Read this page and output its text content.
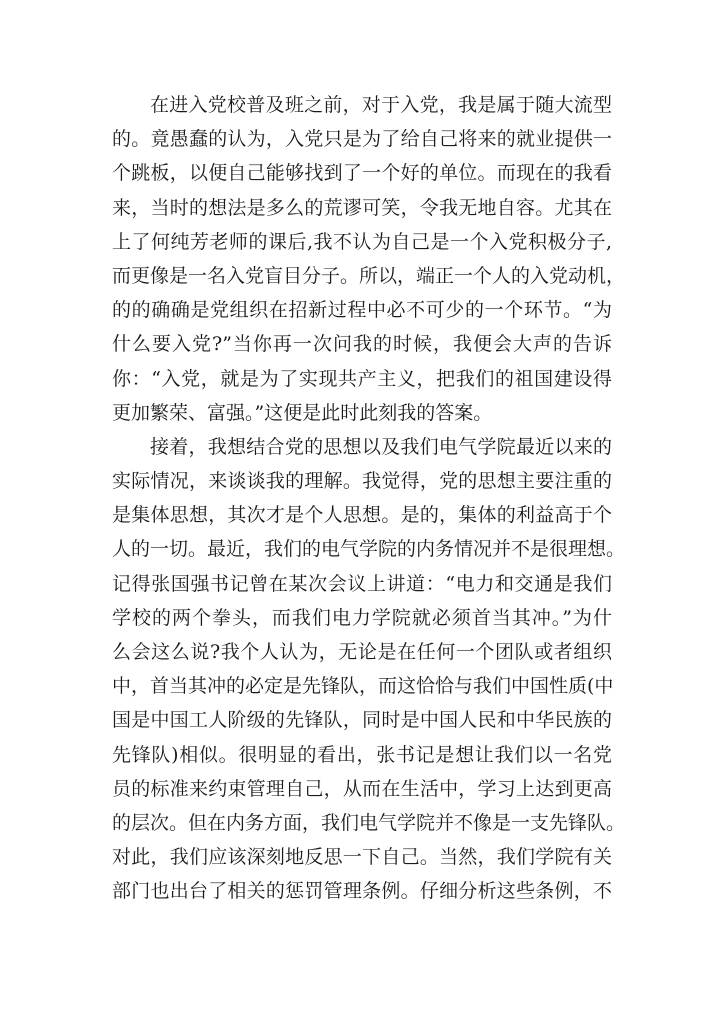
在进入党校普及班之前，对于入党，我是属于随大流型
的。竟愚蠢的认为，入党只是为了给自己将来的就业提供一
个跳板，以便自己能够找到了一个好的单位。而现在的我看
来，当时的想法是多么的荒谬可笑，令我无地自容。尤其在
上了何纯芳老师的课后,我不认为自己是一个入党积极分子,
而更像是一名入党盲目分子。所以，端正一个人的入党动机，
的的确确是党组织在招新过程中必不可少的一个环节。“为
什么要入党?”当你再一次问我的时候，我便会大声的告诉
你：“入党，就是为了实现共产主义，把我们的祖国建设得
更加繁荣、富强。”这便是此时此刻我的答案。

接着，我想结合党的思想以及我们电气学院最近以来的
实际情况，来谈谈我的理解。我觉得，党的思想主要注重的
是集体思想，其次才是个人思想。是的，集体的利益高于个
人的一切。最近，我们的电气学院的内务情况并不是很理想。
记得张国强书记曾在某次会议上讲道：“电力和交通是我们
学校的两个拳头，而我们电力学院就必须首当其冲。”为什
么会这么说?我个人认为，无论是在任何一个团队或者组织
中，首当其冲的必定是先锋队，而这恰恰与我们中国性质(中
国是中国工人阶级的先锋队，同时是中国人民和中华民族的
先锋队)相似。很明显的看出，张书记是想让我们以一名党
员的标准来约束管理自己，从而在生活中，学习上达到更高
的层次。但在内务方面，我们电气学院并不像是一支先锋队。
对此，我们应该深刻地反思一下自己。当然，我们学院有关
部门也出台了相关的惩罚管理条例。仔细分析这些条例，不
